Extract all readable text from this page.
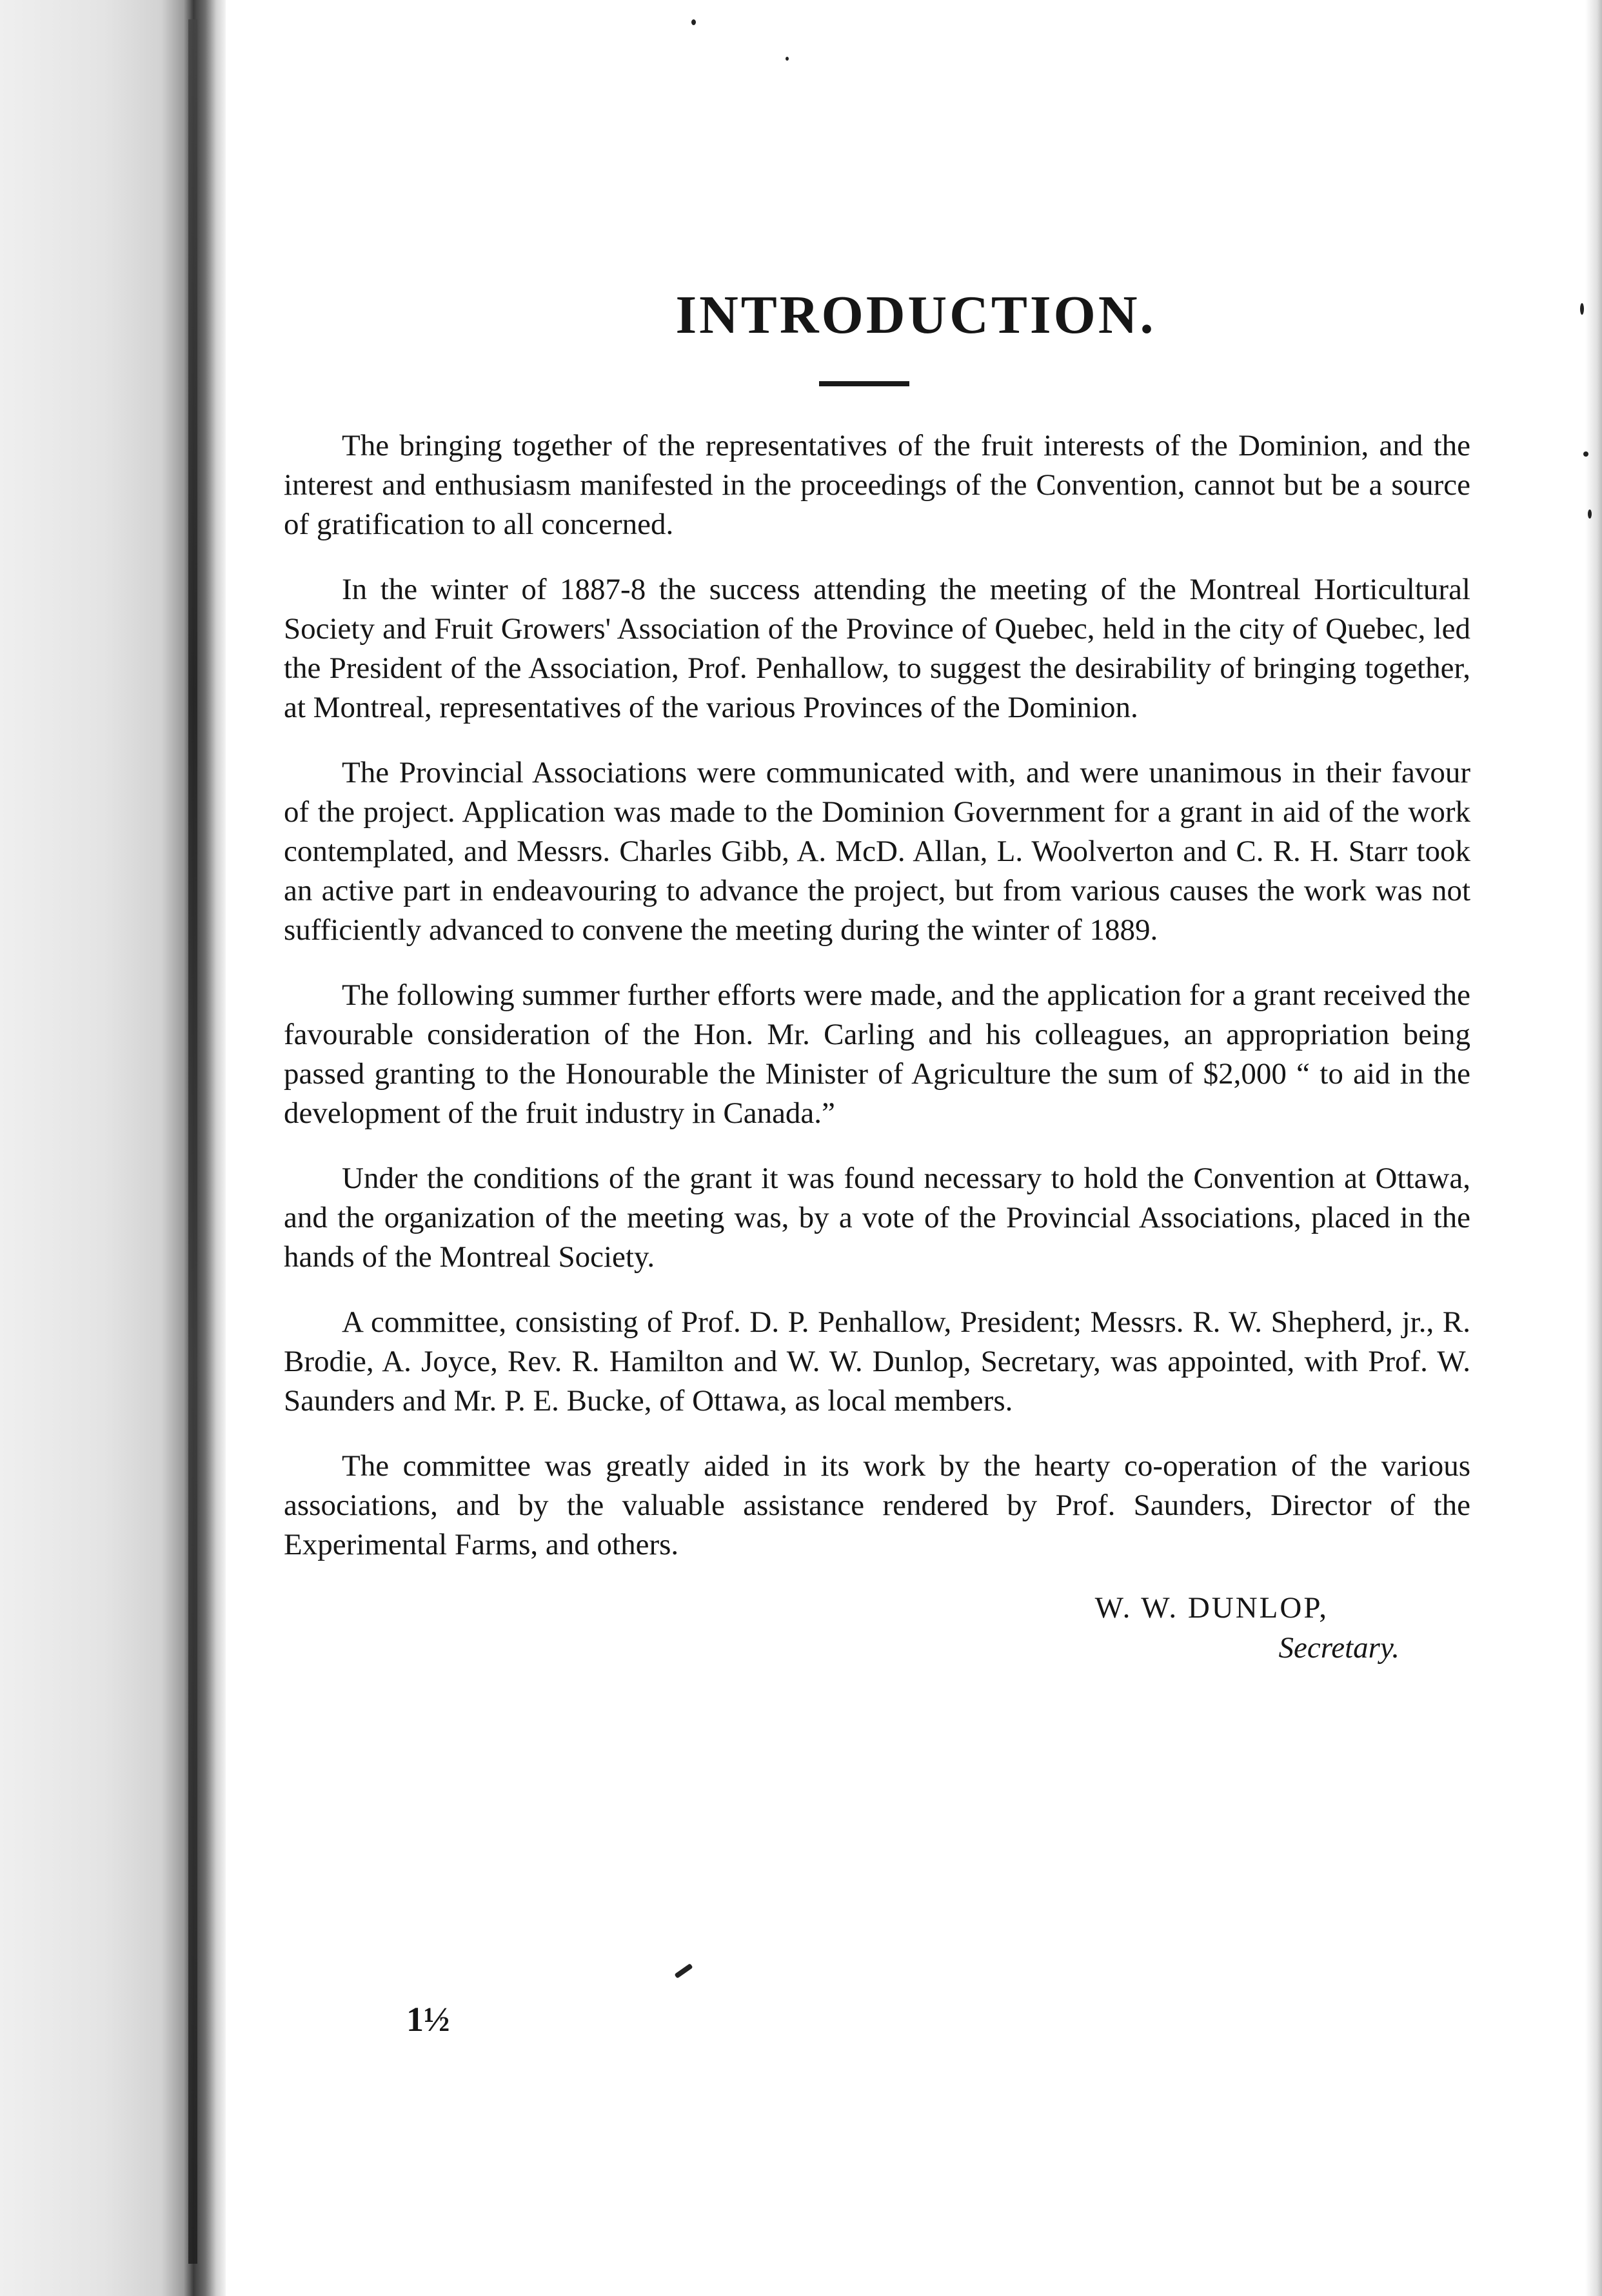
INTRODUCTION.

The bringing together of the representatives of the fruit interests of the Dominion, and the interest and enthusiasm manifested in the proceedings of the Convention, cannot but be a source of gratification to all concerned.

In the winter of 1887-8 the success attending the meeting of the Montreal Horticultural Society and Fruit Growers' Association of the Province of Quebec, held in the city of Quebec, led the President of the Association, Prof. Penhallow, to suggest the desirability of bringing together, at Montreal, representatives of the various Provinces of the Dominion.

The Provincial Associations were communicated with, and were unanimous in their favour of the project. Application was made to the Dominion Government for a grant in aid of the work contemplated, and Messrs. Charles Gibb, A. McD. Allan, L. Woolverton and C. R. H. Starr took an active part in endeavouring to advance the project, but from various causes the work was not sufficiently advanced to convene the meeting during the winter of 1889.

The following summer further efforts were made, and the application for a grant received the favourable consideration of the Hon. Mr. Carling and his colleagues, an appropriation being passed granting to the Honourable the Minister of Agriculture the sum of $2,000 “ to aid in the development of the fruit industry in Canada.”

Under the conditions of the grant it was found necessary to hold the Convention at Ottawa, and the organization of the meeting was, by a vote of the Provincial Associations, placed in the hands of the Montreal Society.

A committee, consisting of Prof. D. P. Penhallow, President; Messrs. R. W. Shepherd, jr., R. Brodie, A. Joyce, Rev. R. Hamilton and W. W. Dunlop, Secretary, was appointed, with Prof. W. Saunders and Mr. P. E. Bucke, of Ottawa, as local members.

The committee was greatly aided in its work by the hearty co-operation of the various associations, and by the valuable assistance rendered by Prof. Saunders, Director of the Experimental Farms, and others.

W. W. DUNLOP,
Secretary.
1½
